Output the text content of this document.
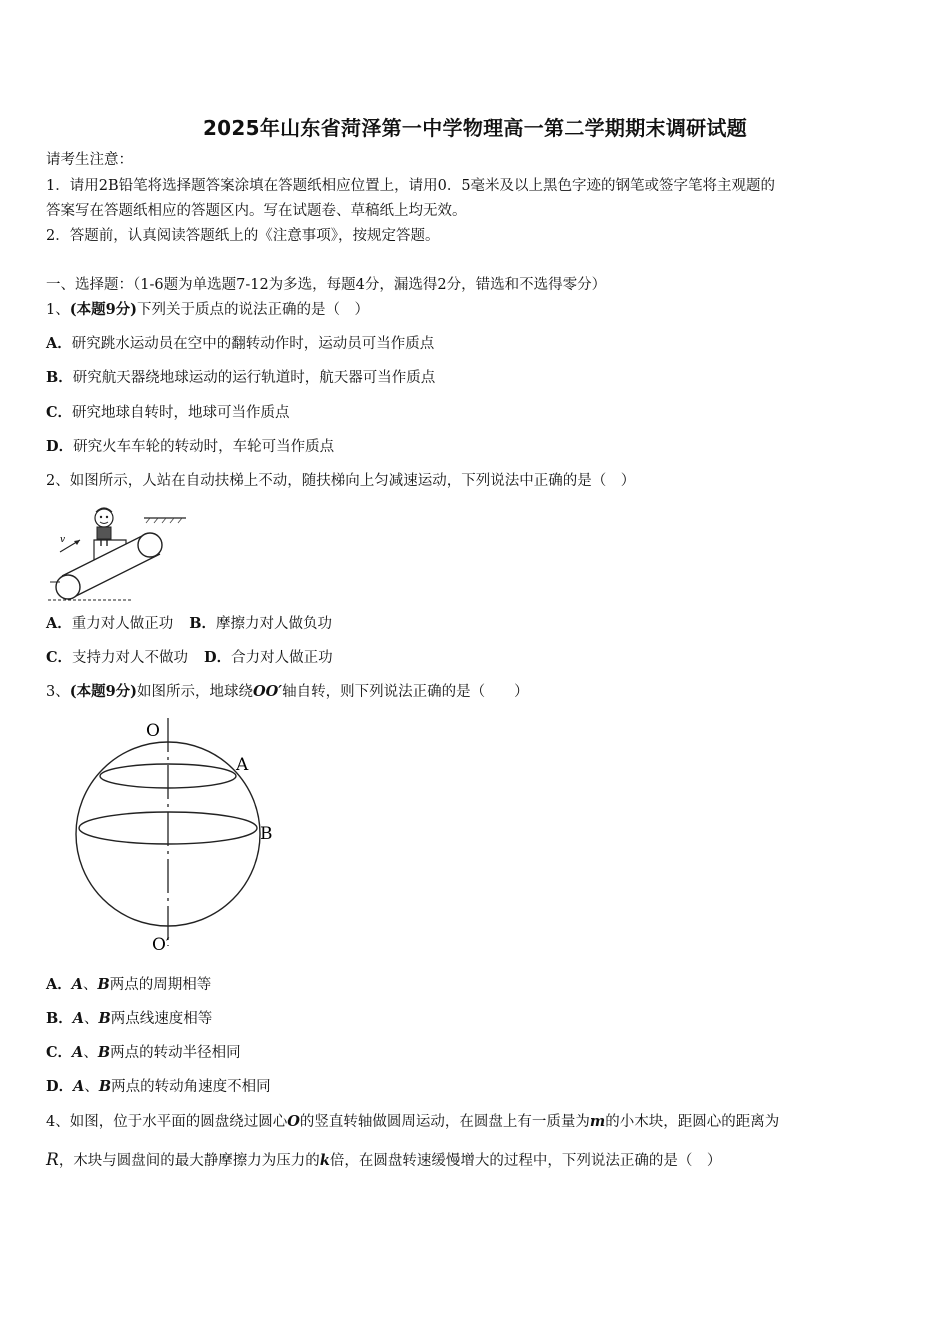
2025年山东省菏泽第一中学物理高一第二学期期末调研试题
请考生注意：
1．请用2B铅笔将选择题答案涂填在答题纸相应位置上，请用0．5毫米及以上黑色字迹的钢笔或签字笔将主观题的
答案写在答题纸相应的答题区内。写在试题卷、草稿纸上均无效。
2．答题前，认真阅读答题纸上的《注意事项》，按规定答题。
一、选择题：（1-6题为单选题7-12为多选，每题4分，漏选得2分，错选和不选得零分）
1、(本题9分)下列关于质点的说法正确的是（　）
A．研究跳水运动员在空中的翻转动作时，运动员可当作质点
B．研究航天器绕地球运动的运行轨道时，航天器可当作质点
C．研究地球自转时，地球可当作质点
D．研究火车车轮的转动时，车轮可当作质点
2、如图所示，人站在自动扶梯上不动，随扶梯向上匀减速运动，下列说法中正确的是（　）
v
A．重力对人做正功 B．摩擦力对人做负功
C．支持力对人不做功 D．合力对人做正功
3、(本题9分)如图所示，地球绕OO′轴自转，则下列说法正确的是（　　）
O
O′
A
B
A．A、B两点的周期相等
B．A、B两点线速度相等
C．A、B两点的转动半径相同
D．A、B两点的转动角速度不相同
4、如图，位于水平面的圆盘绕过圆心O的竖直转轴做圆周运动，在圆盘上有一质量为m的小木块，距圆心的距离为
R，木块与圆盘间的最大静摩擦力为压力的k倍，在圆盘转速缓慢增大的过程中，下列说法正确的是（　）
